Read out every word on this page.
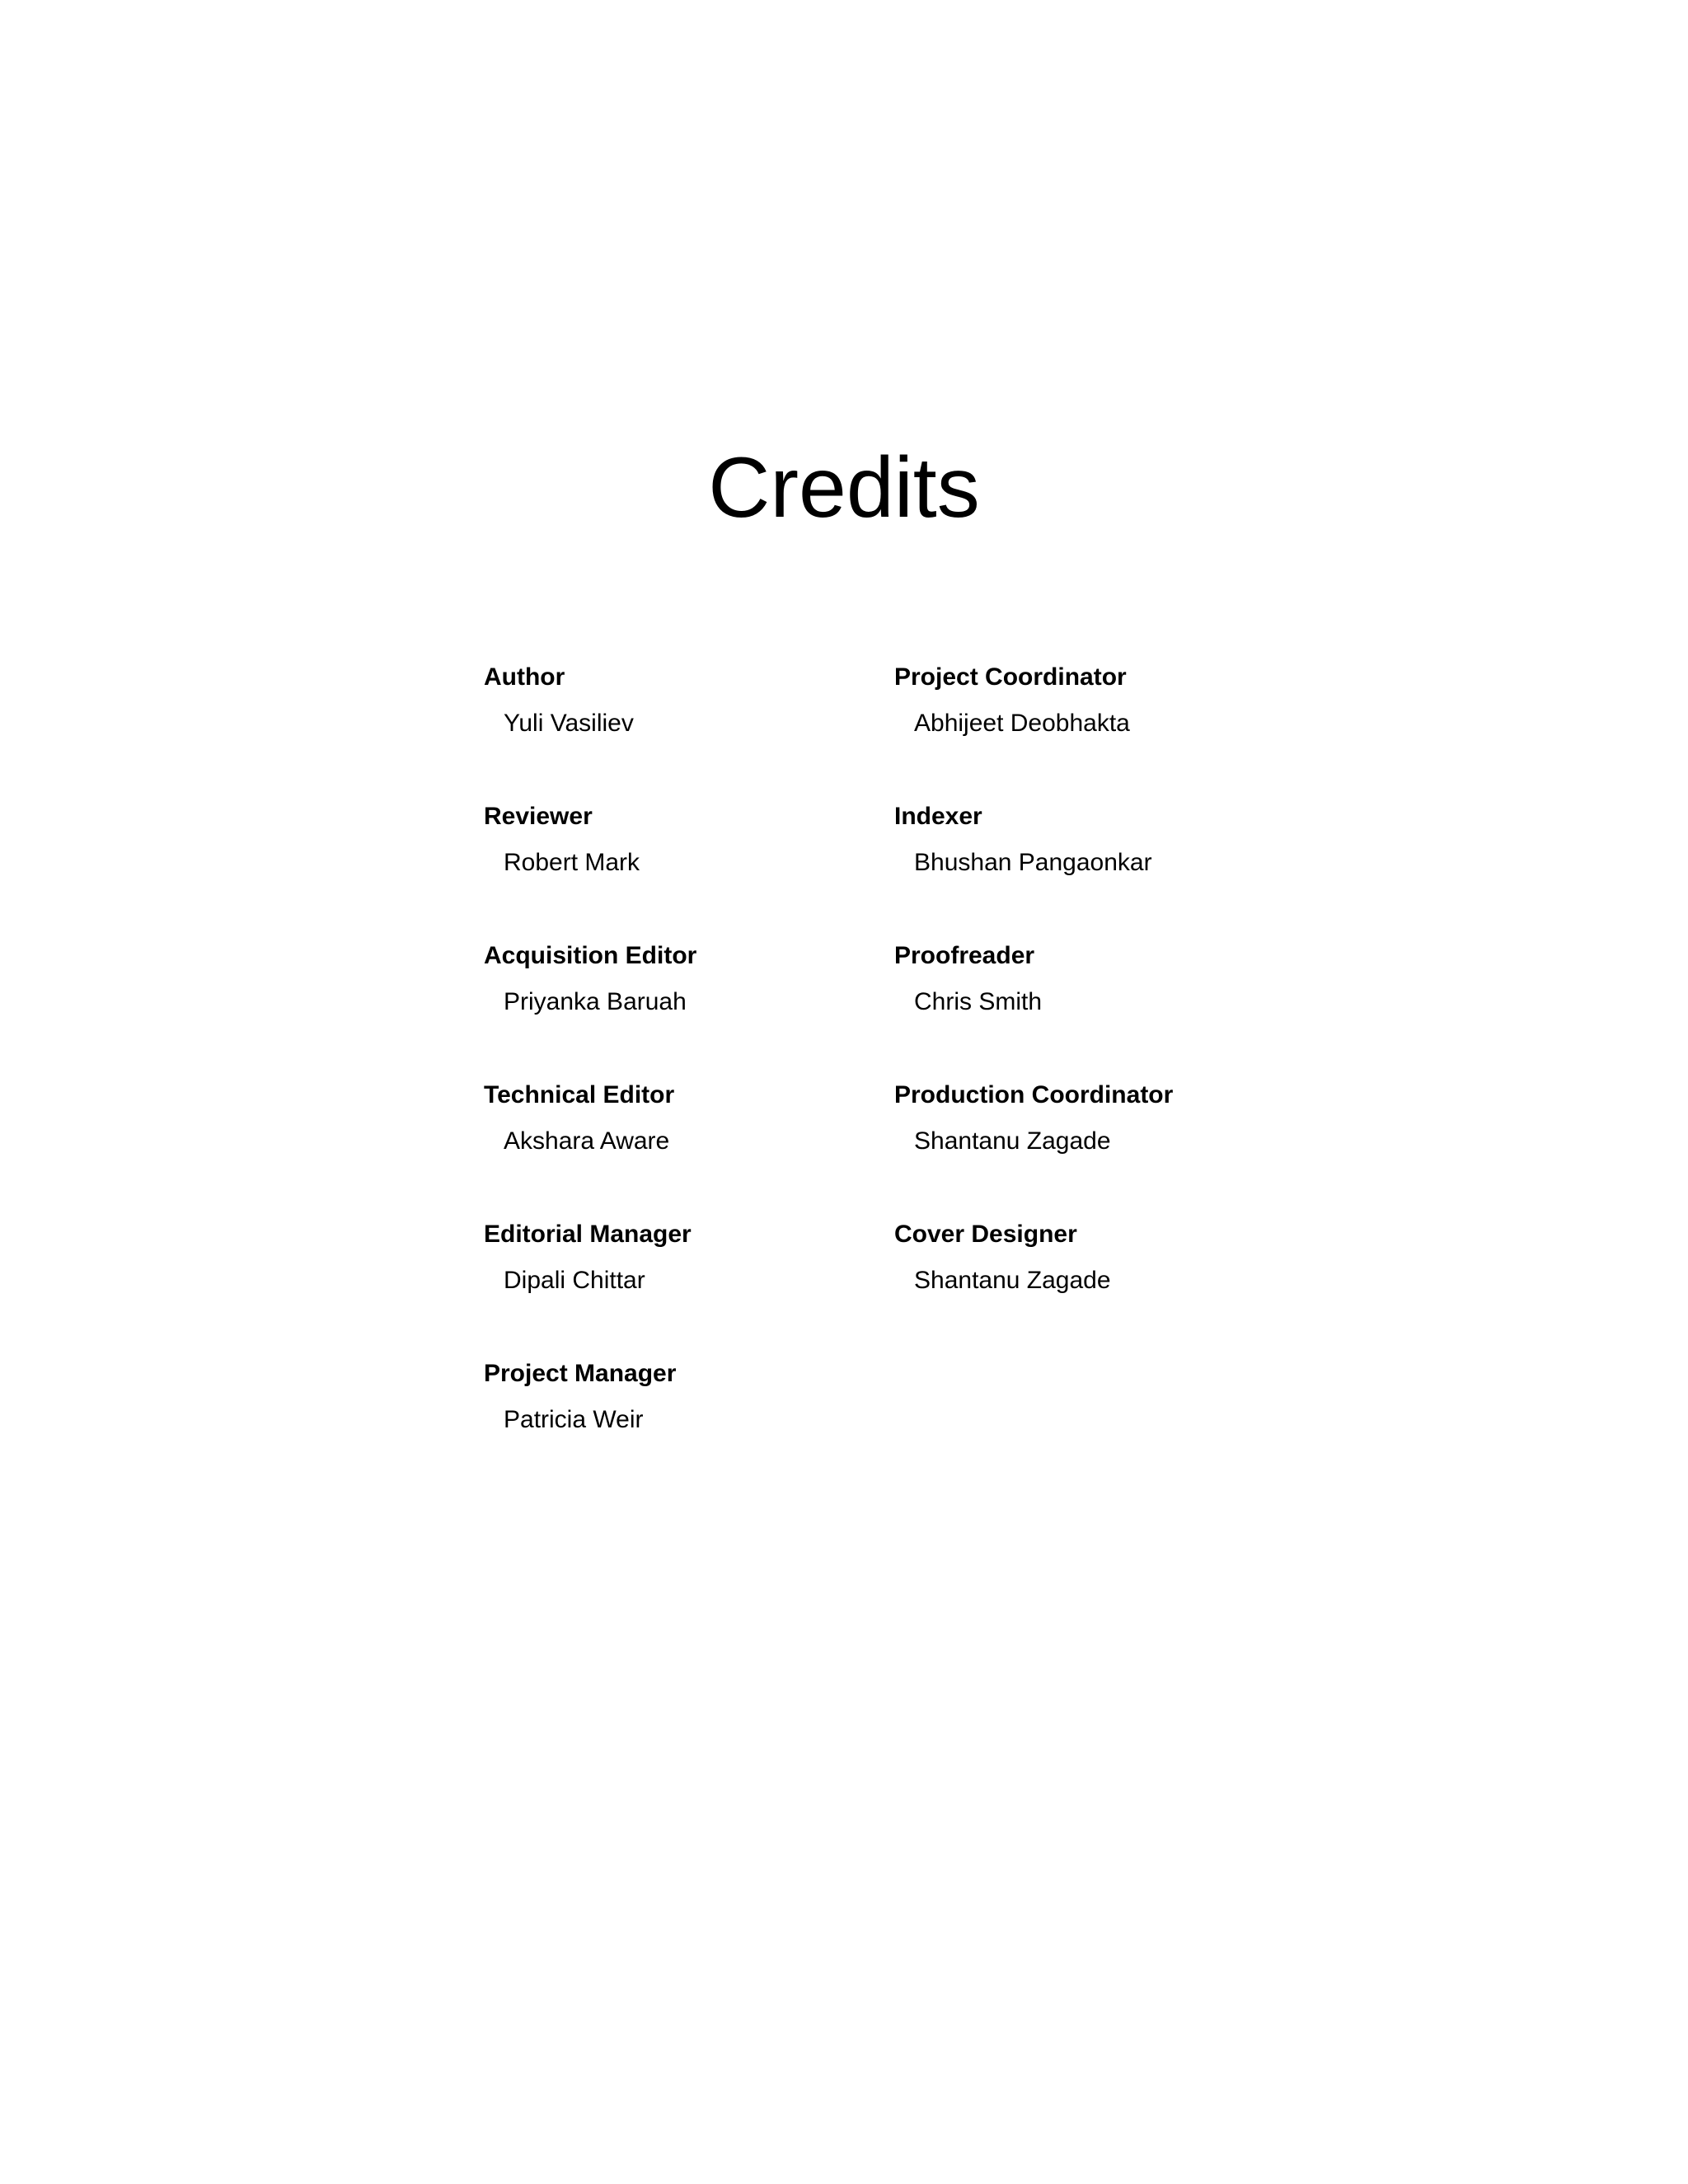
Credits
Author
Yuli Vasiliev
Reviewer
Robert Mark
Acquisition Editor
Priyanka Baruah
Technical Editor
Akshara Aware
Editorial Manager
Dipali Chittar
Project Manager
Patricia Weir
Project Coordinator
Abhijeet Deobhakta
Indexer
Bhushan Pangaonkar
Proofreader
Chris Smith
Production Coordinator
Shantanu Zagade
Cover Designer
Shantanu Zagade
